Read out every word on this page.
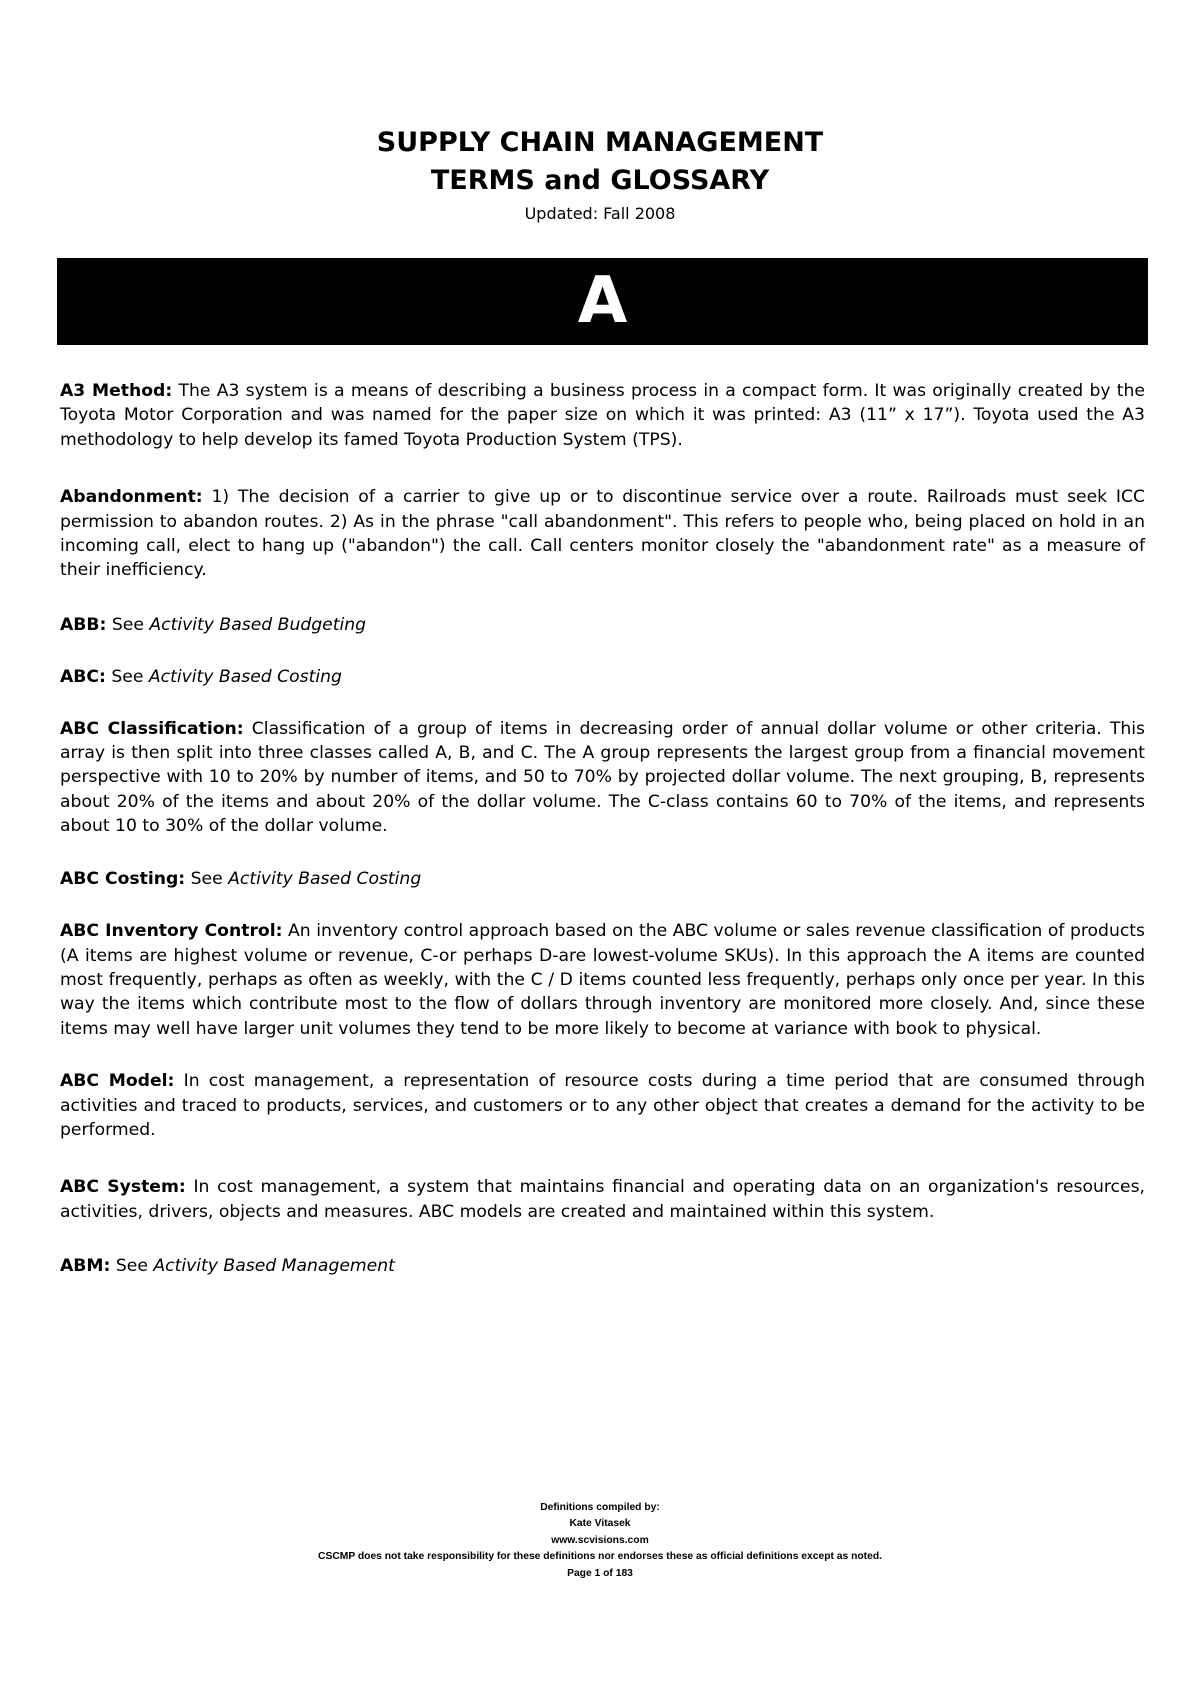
SUPPLY CHAIN MANAGEMENT
TERMS and GLOSSARY
Updated: Fall 2008
A

A3 Method: The A3 system is a means of describing a business process in a compact form. It was originally created by the Toyota Motor Corporation and was named for the paper size on which it was printed: A3 (11” x 17”). Toyota used the A3 methodology to help develop its famed Toyota Production System (TPS).

Abandonment: 1) The decision of a carrier to give up or to discontinue service over a route. Railroads must seek ICC permission to abandon routes. 2) As in the phrase "call abandonment". This refers to people who, being placed on hold in an incoming call, elect to hang up ("abandon") the call. Call centers monitor closely the "abandonment rate" as a measure of their inefficiency.

ABB: See Activity Based Budgeting

ABC: See Activity Based Costing

ABC Classification: Classification of a group of items in decreasing order of annual dollar volume or other criteria. This array is then split into three classes called A, B, and C. The A group represents the largest group from a financial movement perspective with 10 to 20% by number of items, and 50 to 70% by projected dollar volume. The next grouping, B, represents about 20% of the items and about 20% of the dollar volume. The C-class contains 60 to 70% of the items, and represents about 10 to 30% of the dollar volume.

ABC Costing: See Activity Based Costing

ABC Inventory Control: An inventory control approach based on the ABC volume or sales revenue classification of products (A items are highest volume or revenue, C-or perhaps D-are lowest-volume SKUs). In this approach the A items are counted most frequently, perhaps as often as weekly, with the C / D items counted less frequently, perhaps only once per year. In this way the items which contribute most to the flow of dollars through inventory are monitored more closely. And, since these items may well have larger unit volumes they tend to be more likely to become at variance with book to physical.

ABC Model: In cost management, a representation of resource costs during a time period that are consumed through activities and traced to products, services, and customers or to any other object that creates a demand for the activity to be performed.

ABC System: In cost management, a system that maintains financial and operating data on an organization's resources, activities, drivers, objects and measures. ABC models are created and maintained within this system.

ABM: See Activity Based Management

Definitions compiled by:
Kate Vitasek
www.scvisions.com
CSCMP does not take responsibility for these definitions nor endorses these as official definitions except as noted.
Page 1 of 183
